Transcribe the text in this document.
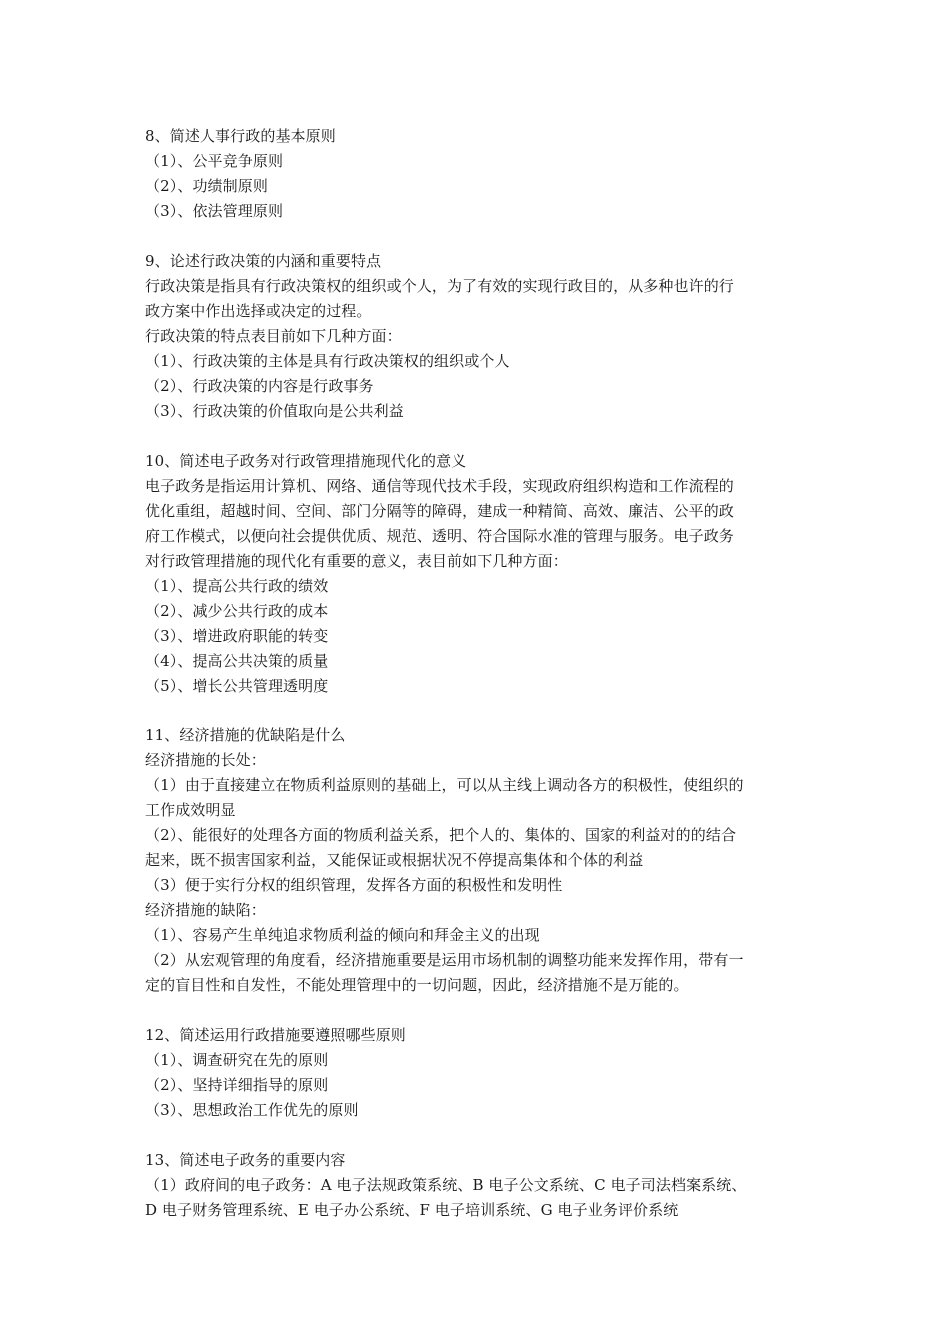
8、简述人事行政的基本原则
（1）、公平竞争原则
（2）、功绩制原则
（3）、依法管理原则
9、论述行政决策的内涵和重要特点
行政决策是指具有行政决策权的组织或个人，为了有效的实现行政目的，从多种也许的行
政方案中作出选择或决定的过程。
行政决策的特点表目前如下几种方面：
（1）、行政决策的主体是具有行政决策权的组织或个人
（2）、行政决策的内容是行政事务
（3）、行政决策的价值取向是公共利益
10、简述电子政务对行政管理措施现代化的意义
电子政务是指运用计算机、网络、通信等现代技术手段，实现政府组织构造和工作流程的
优化重组，超越时间、空间、部门分隔等的障碍，建成一种精简、高效、廉洁、公平的政
府工作模式，以便向社会提供优质、规范、透明、符合国际水准的管理与服务。电子政务
对行政管理措施的现代化有重要的意义，表目前如下几种方面：
（1）、提高公共行政的绩效
（2）、减少公共行政的成本
（3）、增进政府职能的转变
（4）、提高公共决策的质量
（5）、增长公共管理透明度
11、经济措施的优缺陷是什么
经济措施的长处：
（1）由于直接建立在物质利益原则的基础上，可以从主线上调动各方的积极性，使组织的
工作成效明显
（2）、能很好的处理各方面的物质利益关系，把个人的、集体的、国家的利益对的的结合
起来，既不损害国家利益，又能保证或根据状况不停提高集体和个体的利益
（3）便于实行分权的组织管理，发挥各方面的积极性和发明性
经济措施的缺陷：
（1）、容易产生单纯追求物质利益的倾向和拜金主义的出现
（2）从宏观管理的角度看，经济措施重要是运用市场机制的调整功能来发挥作用，带有一
定的盲目性和自发性，不能处理管理中的一切问题，因此，经济措施不是万能的。
12、简述运用行政措施要遵照哪些原则
（1）、调查研究在先的原则
（2）、坚持详细指导的原则
（3）、思想政治工作优先的原则
13、简述电子政务的重要内容
（1）政府间的电子政务：A 电子法规政策系统、B 电子公文系统、C 电子司法档案系统、
D 电子财务管理系统、E 电子办公系统、F 电子培训系统、G 电子业务评价系统
